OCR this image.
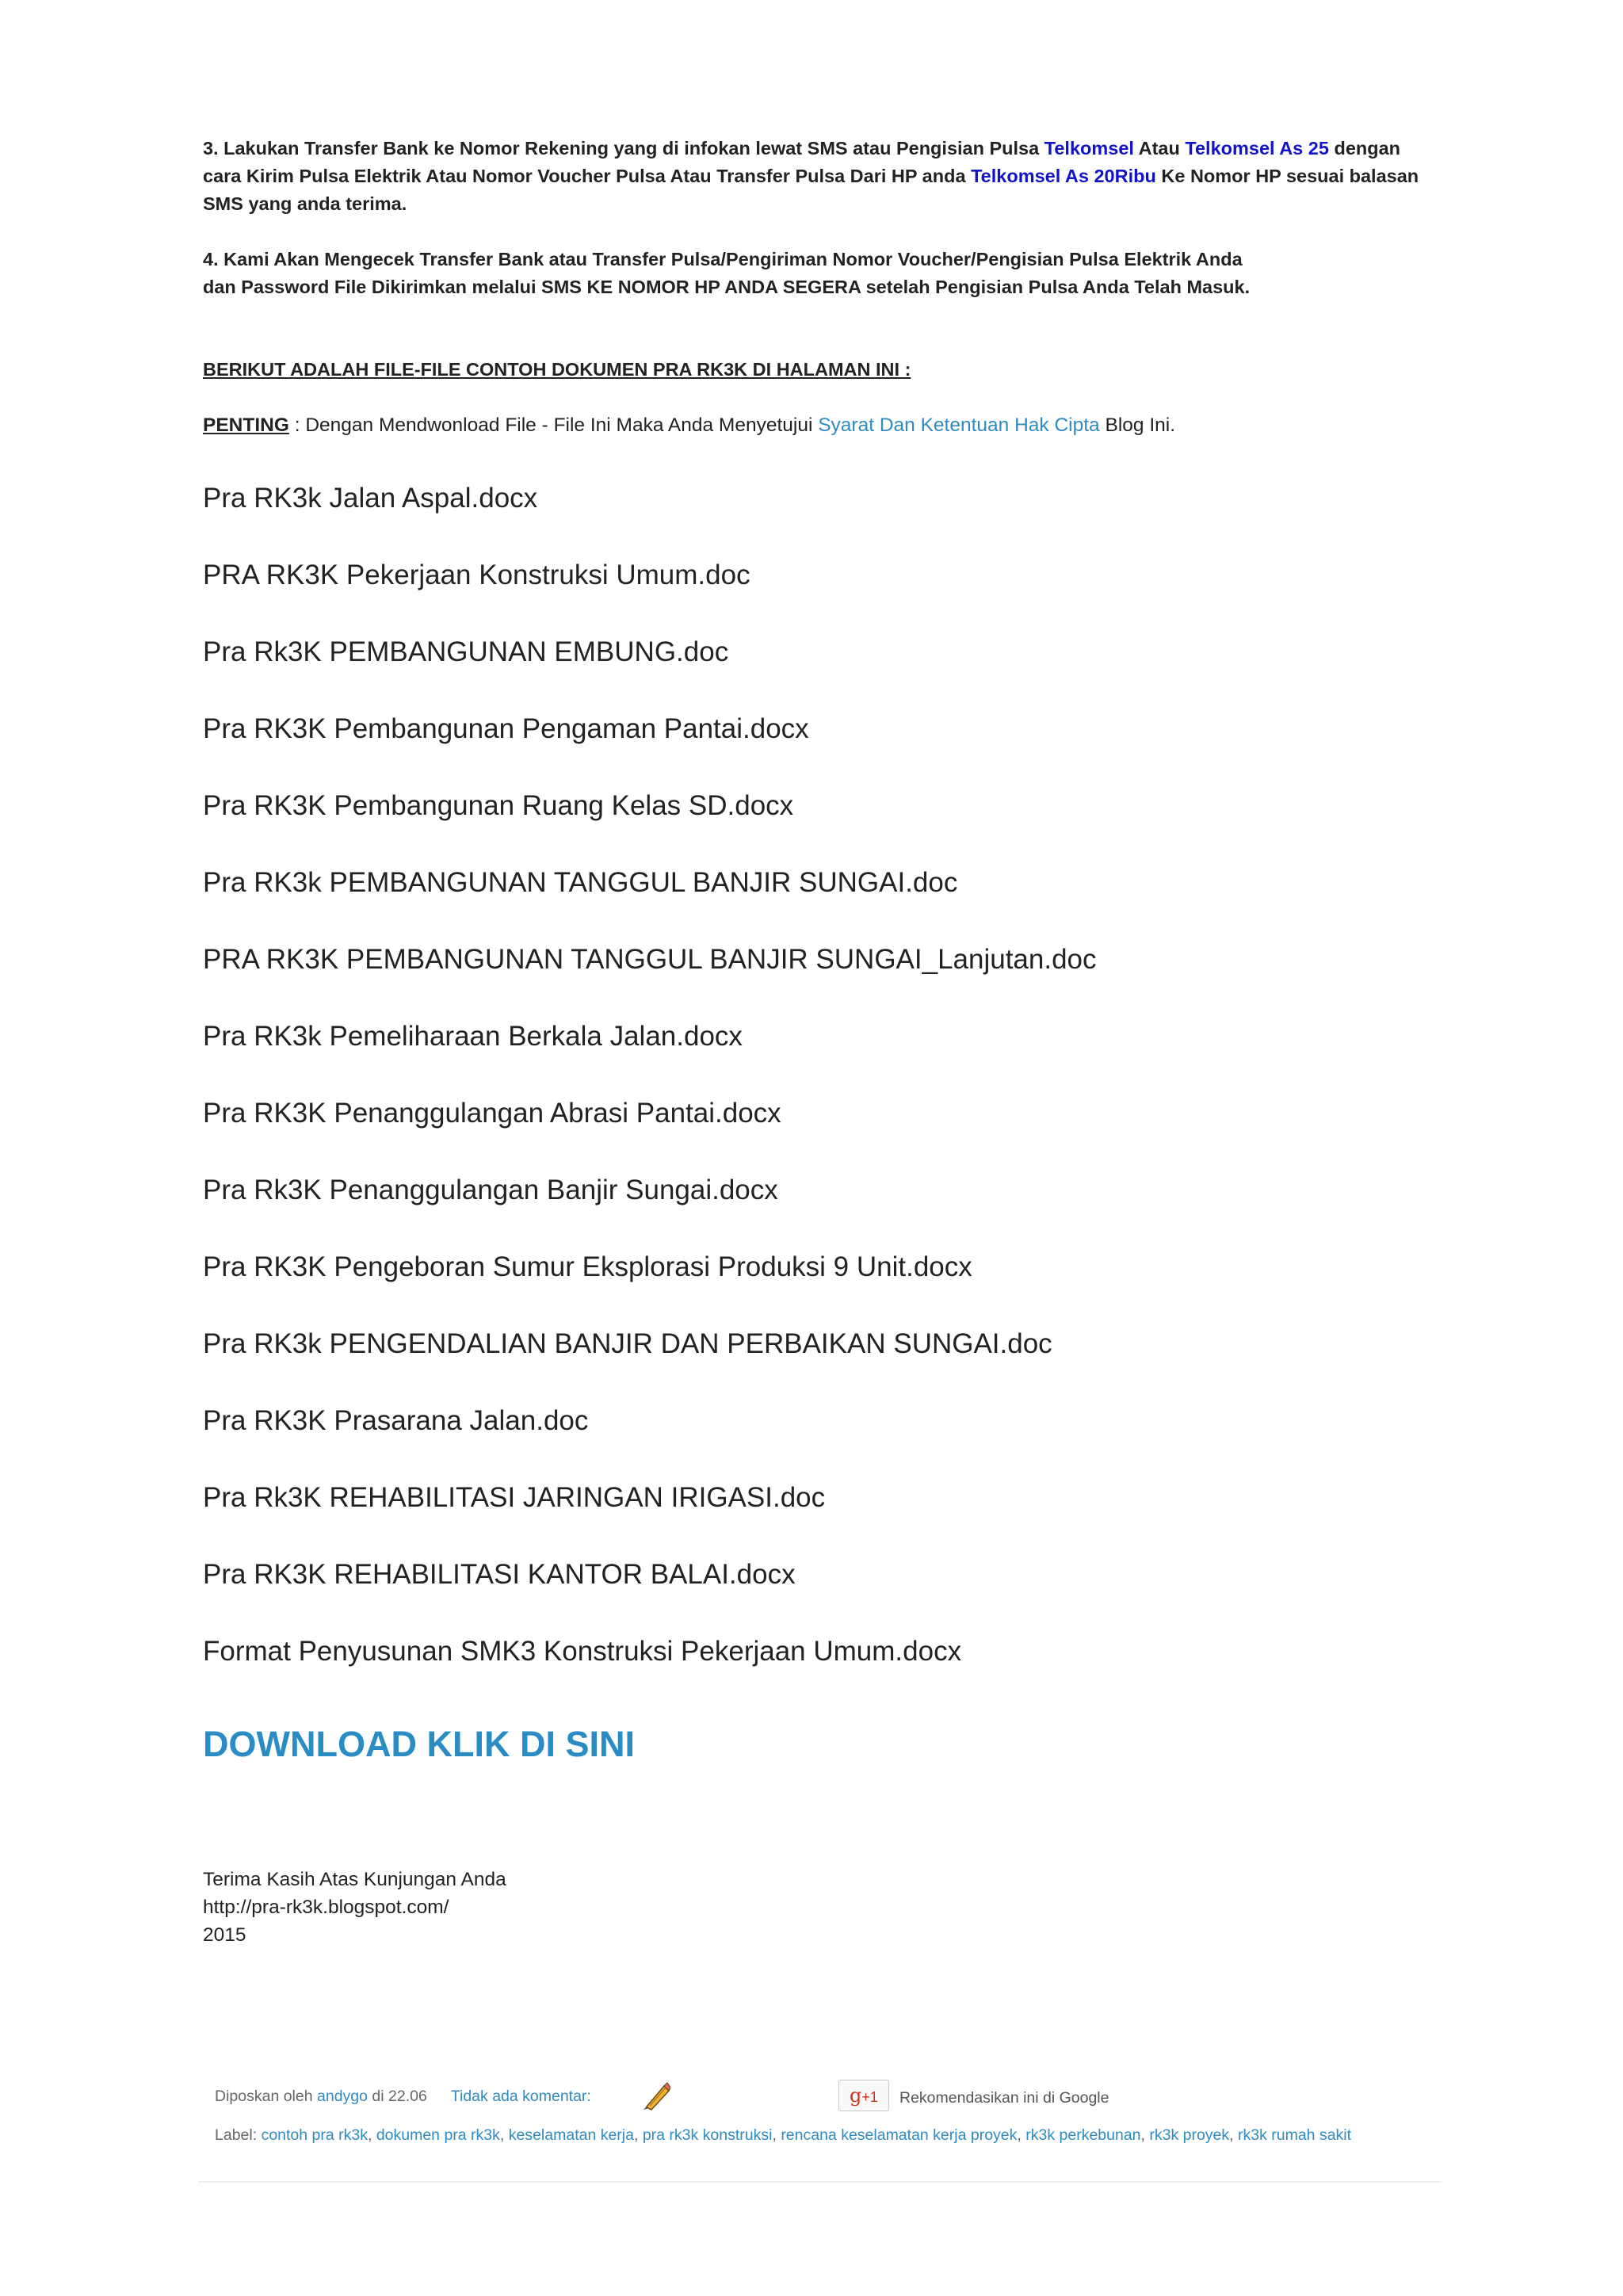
3. Lakukan Transfer Bank ke Nomor Rekening yang di infokan lewat SMS atau Pengisian Pulsa Telkomsel Atau Telkomsel As 25 dengan cara Kirim Pulsa Elektrik Atau Nomor Voucher Pulsa Atau Transfer Pulsa Dari HP anda Telkomsel As 20Ribu Ke Nomor HP sesuai balasan SMS yang anda terima.

4. Kami Akan Mengecek Transfer Bank atau Transfer Pulsa/Pengiriman Nomor Voucher/Pengisian Pulsa Elektrik Anda
dan Password File Dikirimkan melalui SMS KE NOMOR HP ANDA SEGERA setelah Pengisian Pulsa Anda Telah Masuk.

BERIKUT ADALAH FILE-FILE CONTOH DOKUMEN PRA RK3K DI HALAMAN INI :
PENTING : Dengan Mendwonload File - File Ini Maka Anda Menyetujui Syarat Dan Ketentuan Hak Cipta Blog Ini.
Pra RK3k Jalan Aspal.docx
PRA RK3K Pekerjaan Konstruksi Umum.doc
Pra Rk3K PEMBANGUNAN EMBUNG.doc
Pra RK3K Pembangunan Pengaman Pantai.docx
Pra RK3K Pembangunan Ruang Kelas SD.docx
Pra RK3k PEMBANGUNAN TANGGUL BANJIR SUNGAI.doc
PRA RK3K PEMBANGUNAN TANGGUL BANJIR SUNGAI_Lanjutan.doc
Pra RK3k Pemeliharaan Berkala Jalan.docx
Pra RK3K Penanggulangan Abrasi Pantai.docx
Pra Rk3K Penanggulangan Banjir Sungai.docx
Pra RK3K Pengeboran Sumur Eksplorasi Produksi 9 Unit.docx
Pra RK3k PENGENDALIAN BANJIR DAN PERBAIKAN SUNGAI.doc
Pra RK3K Prasarana Jalan.doc
Pra Rk3K REHABILITASI JARINGAN IRIGASI.doc
Pra RK3K REHABILITASI KANTOR BALAI.docx
Format Penyusunan SMK3 Konstruksi Pekerjaan Umum.docx
DOWNLOAD KLIK DI SINI
Terima Kasih Atas Kunjungan Anda
http://pra-rk3k.blogspot.com/
2015
Diposkan oleh andygo di 22.06 Tidak ada komentar:	g+1	Rekomendasikan ini di Google
Label: contoh pra rk3k, dokumen pra rk3k, keselamatan kerja, pra rk3k konstruksi, rencana keselamatan kerja proyek, rk3k perkebunan, rk3k proyek, rk3k rumah sakit
